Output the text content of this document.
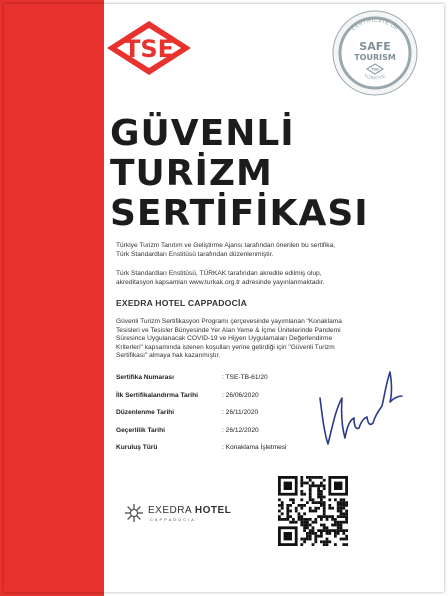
TSE
CERTIFICATE OF
SAFE
TOURISM
TSE
TÜRKİYE
GÜVENLİ
TURİZM
SERTİFİKASI
Türkiye Turizm Tanıtım ve Geliştirme Ajansı tarafından önerilen bu sertifika,
Türk Standardları Enstitüsü tarafından düzenlenmiştir.
Türk Standardları Enstitüsü, TÜRKAK tarafından akredite edilmiş olup,
akreditasyon kapsamları www.turkak.org.tr adresinde yayınlanmaktadır.
EXEDRA HOTEL CAPPADOCİA
Güvenli Turizm Sertifikasyon Programı çerçevesinde yayımlanan "Konaklama
Tesisleri ve Tesisler Bünyesinde Yer Alan Yeme & İçme Ünitelerinde Pandemi
Süresince Uygulanacak COVID-19 ve Hijyen Uygulamaları Değerlendirme
Kriterleri" kapsamında istenen koşulları yerine getirdiği için "Güvenli Turizm
Sertifikası" almaya hak kazanmıştır.
Sertifika Numarası	: TSE-TB-61/20
İlk Sertifikalandırma Tarihi	: 26/06/2020
Düzenlenme Tarihi	: 26/11/2020
Geçerlilik Tarihi	: 26/12/2020
Kuruluş Türü	: Konaklama İşletmesi
EXEDRA HOTEL
CAPPADOCIA
